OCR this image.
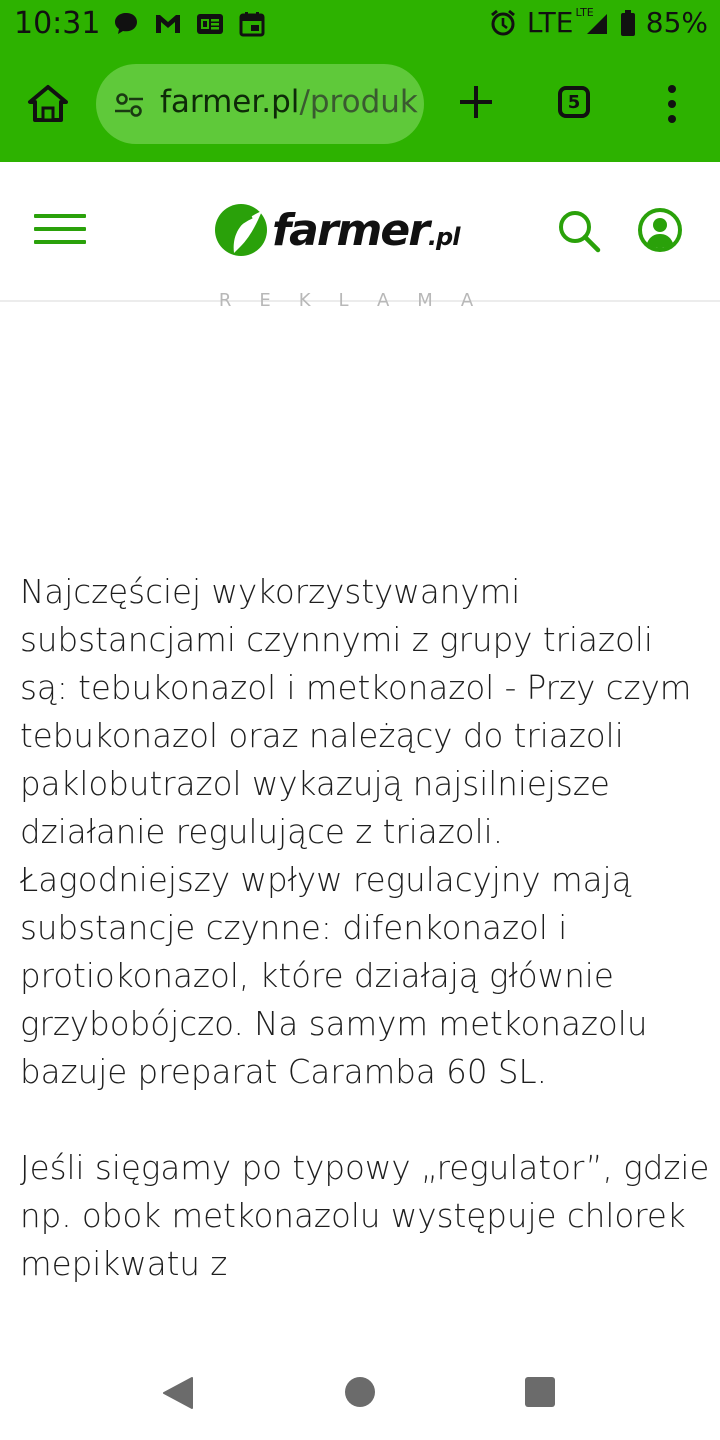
10:31	LTE $^{LTE}$ 85%
farmer.pl/produk	5
farmer.pl
REKLAMA

Najczęściej wykorzystywanymi substancjami czynnymi z grupy triazoli są: tebukonazol i metkonazol - Przy czym tebukonazol oraz należący do triazoli paklobutrazol wykazują najsilniejsze działanie regulujące z triazoli. Łagodniejszy wpływ regulacyjny mają substancje czynne: difenkonazol i protiokonazol, które działają głównie grzybobójczo. Na samym metkonazolu bazuje preparat Caramba 60 SL.

Jeśli sięgamy po typowy „regulator”, gdzie np. obok metkonazolu występuje chlorek mepikwatu z
